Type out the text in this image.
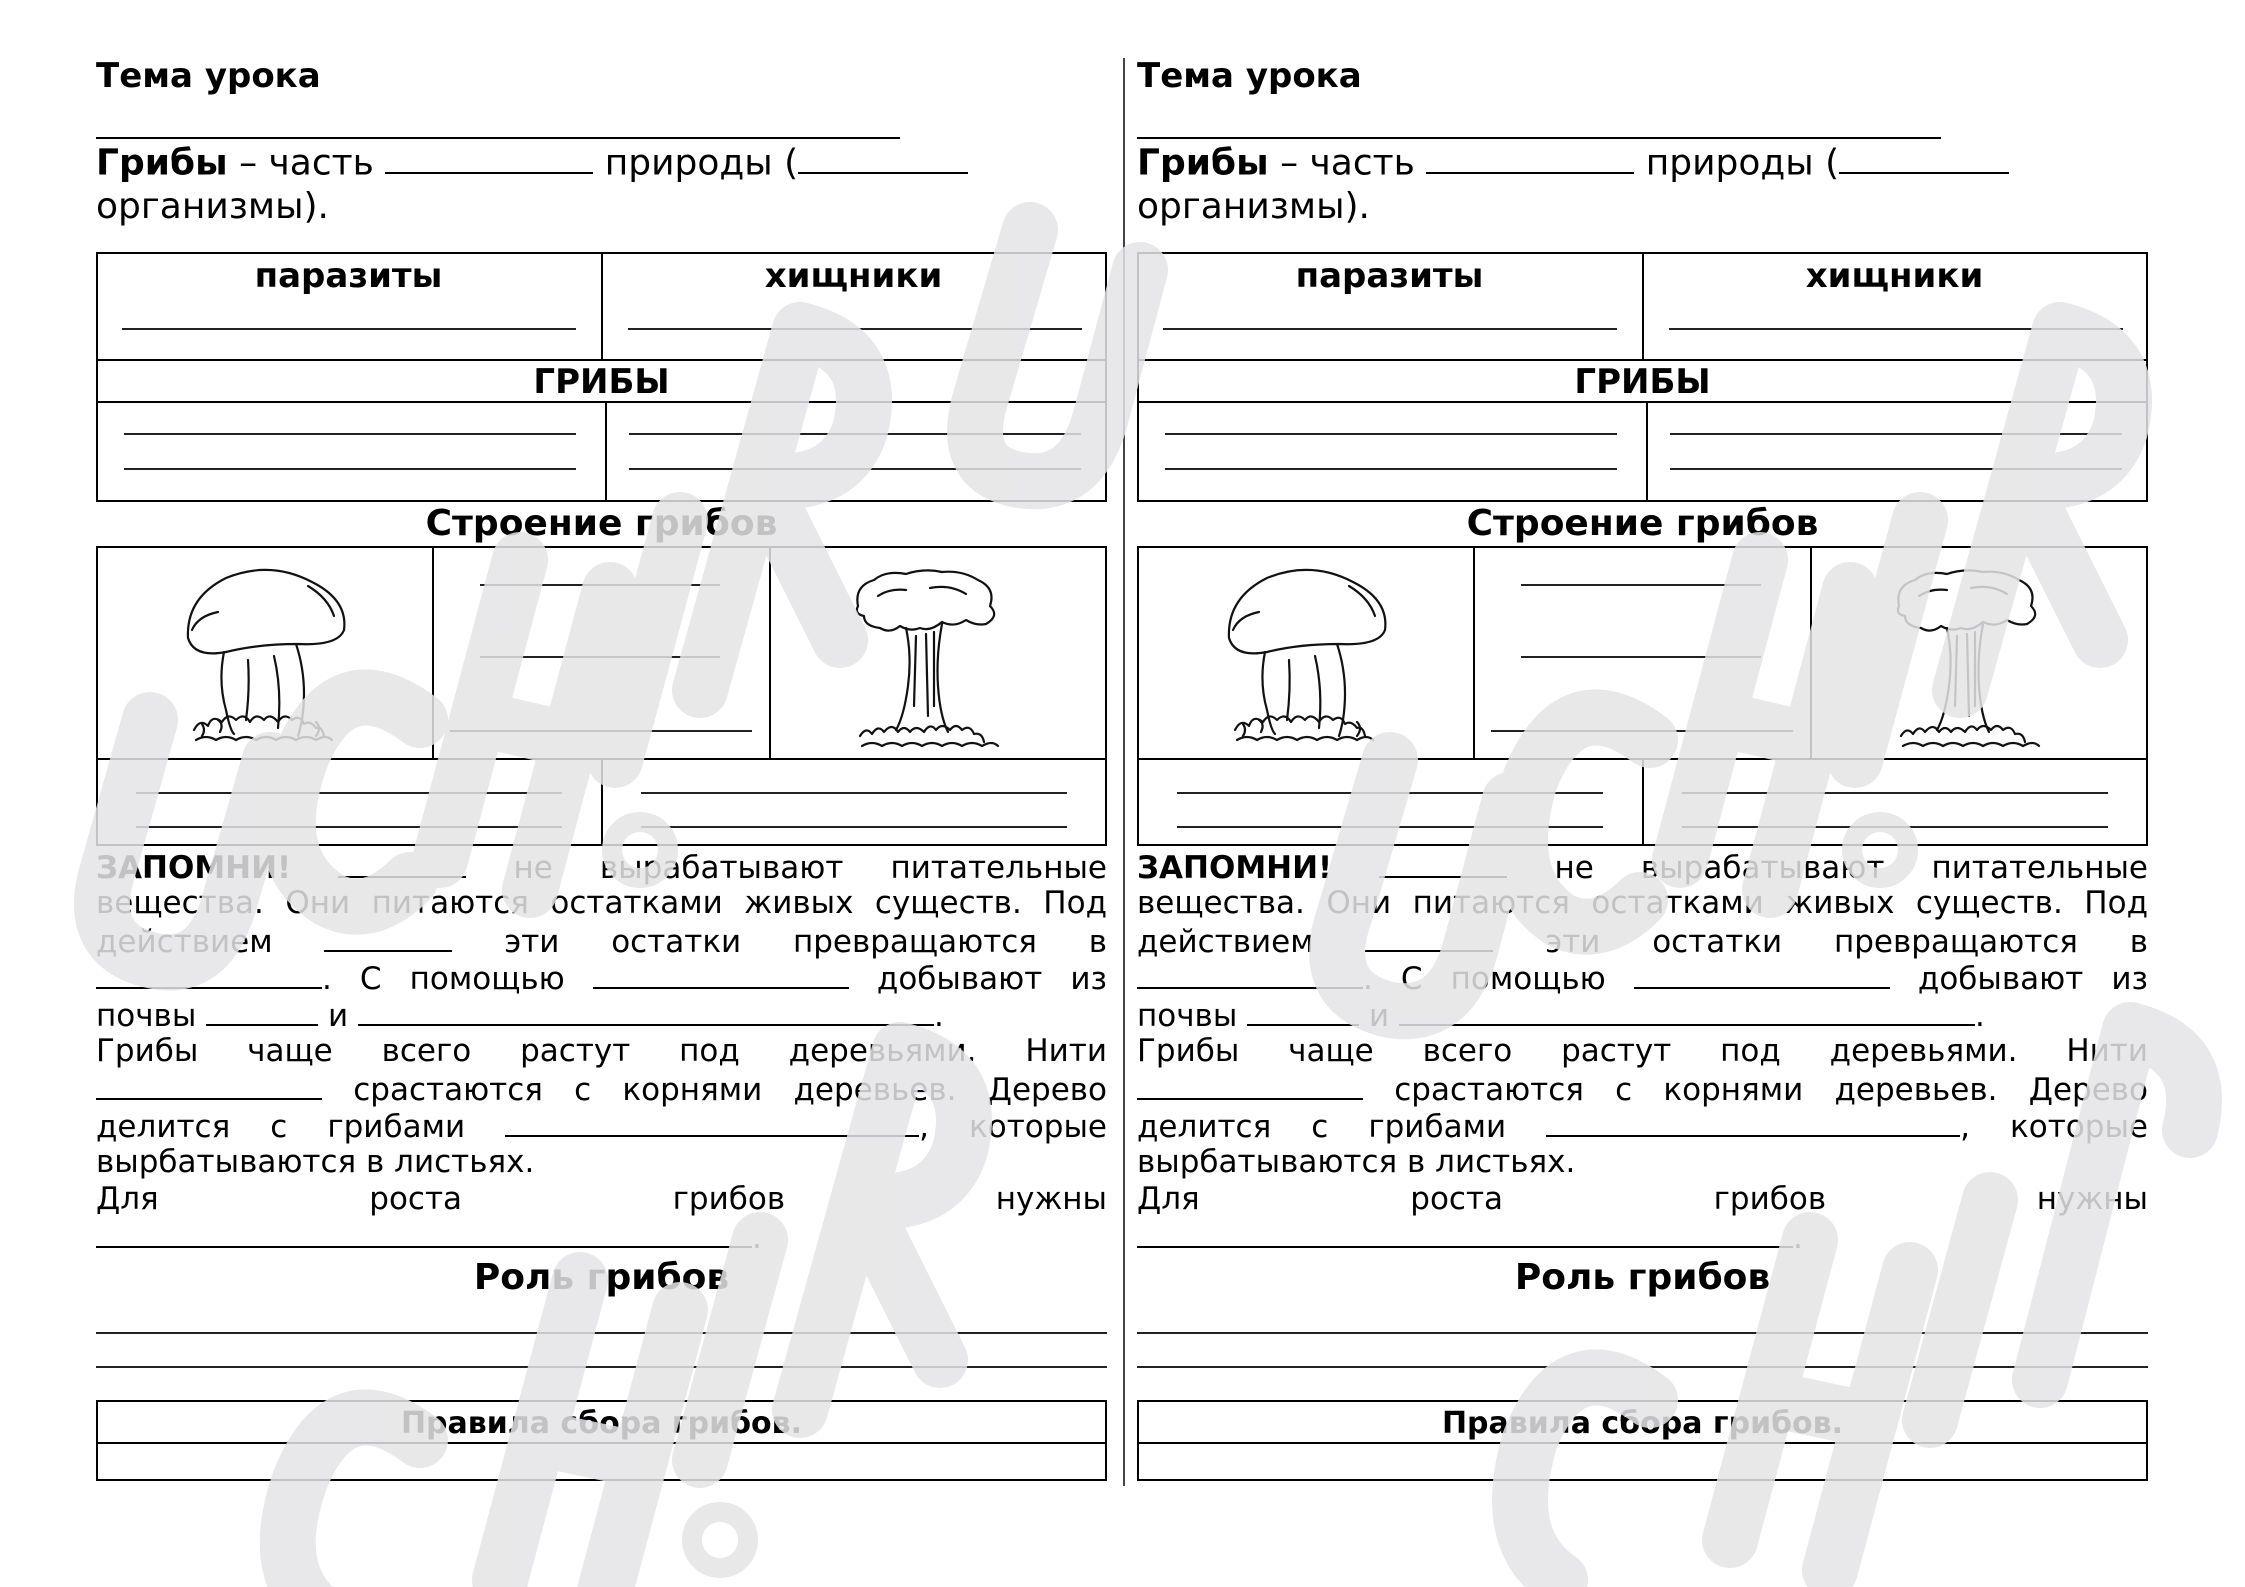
Тема урока
Грибы – часть	природы (
организмы).
паразиты	хищники
ГРИБЫ
Строение грибов
ЗАПОМНИ!	не вырабатывают питательные
вещества. Они питаются остатками живых существ. Под
действием	эти остатки превращаются в
. С помощью	добывают из
почвы	и	.
Грибы чаще всего растут под деревьями. Нити
срастаются с корнями деревьев. Дерево
делится с грибами	, которые
вырбатываются в листьях.
Для роста грибов нужны
.
Роль грибов
Правила сбора грибов.
Тема урока
Грибы – часть	природы (
организмы).
паразиты	хищники
ГРИБЫ
Строение грибов
ЗАПОМНИ!	не вырабатывают питательные
вещества. Они питаются остатками живых существ. Под
действием	эти остатки превращаются в
. С помощью	добывают из
почвы	и	.
Грибы чаще всего растут под деревьями. Нити
срастаются с корнями деревьев. Дерево
делится с грибами	, которые
вырбатываются в листьях.
Для роста грибов нужны
.
Роль грибов
Правила сбора грибов.
